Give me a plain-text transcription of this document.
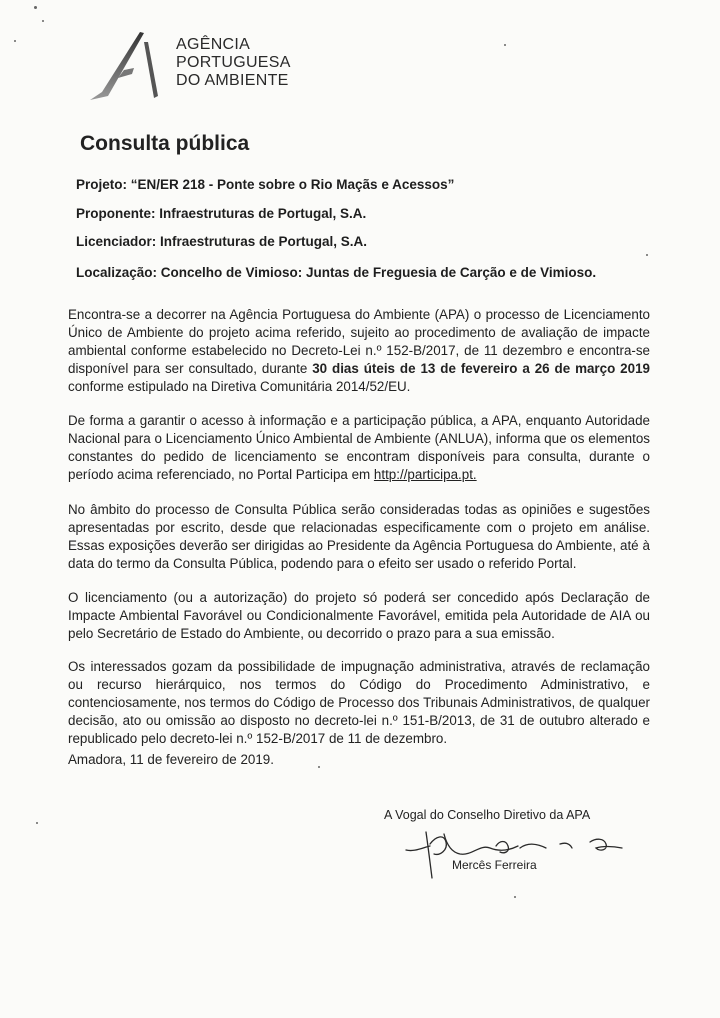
AGÊNCIA
PORTUGUESA
DO AMBIENTE
Consulta pública
Projeto: “EN/ER 218 - Ponte sobre o Rio Maçãs e Acessos”
Proponente: Infraestruturas de Portugal, S.A.
Licenciador: Infraestruturas de Portugal, S.A.
Localização: Concelho de Vimioso: Juntas de Freguesia de Carção e de Vimioso.
Encontra-se a decorrer na Agência Portuguesa do Ambiente (APA) o processo de Licenciamento Único de Ambiente do projeto acima referido, sujeito ao procedimento de avaliação de impacte ambiental conforme estabelecido no Decreto-Lei n.º 152-B/2017, de 11 dezembro e encontra-se disponível para ser consultado, durante 30 dias úteis de 13 de fevereiro a 26 de março 2019 conforme estipulado na Diretiva Comunitária 2014/52/EU.
De forma a garantir o acesso à informação e a participação pública, a APA, enquanto Autoridade Nacional para o Licenciamento Único Ambiental de Ambiente (ANLUA), informa que os elementos constantes do pedido de licenciamento se encontram disponíveis para consulta, durante o período acima referenciado, no Portal Participa em http://participa.pt.
No âmbito do processo de Consulta Pública serão consideradas todas as opiniões e sugestões apresentadas por escrito, desde que relacionadas especificamente com o projeto em análise. Essas exposições deverão ser dirigidas ao Presidente da Agência Portuguesa do Ambiente, até à data do termo da Consulta Pública, podendo para o efeito ser usado o referido Portal.
O licenciamento (ou a autorização) do projeto só poderá ser concedido após Declaração de Impacte Ambiental Favorável ou Condicionalmente Favorável, emitida pela Autoridade de AIA ou pelo Secretário de Estado do Ambiente, ou decorrido o prazo para a sua emissão.
Os interessados gozam da possibilidade de impugnação administrativa, através de reclamação ou recurso hierárquico, nos termos do Código do Procedimento Administrativo, e contenciosamente, nos termos do Código de Processo dos Tribunais Administrativos, de qualquer decisão, ato ou omissão ao disposto no decreto-lei n.º 151-B/2013, de 31 de outubro alterado e republicado pelo decreto-lei n.º 152-B/2017 de 11 de dezembro.
Amadora, 11 de fevereiro de 2019.
A Vogal do Conselho Diretivo da APA
Mercês Ferreira
